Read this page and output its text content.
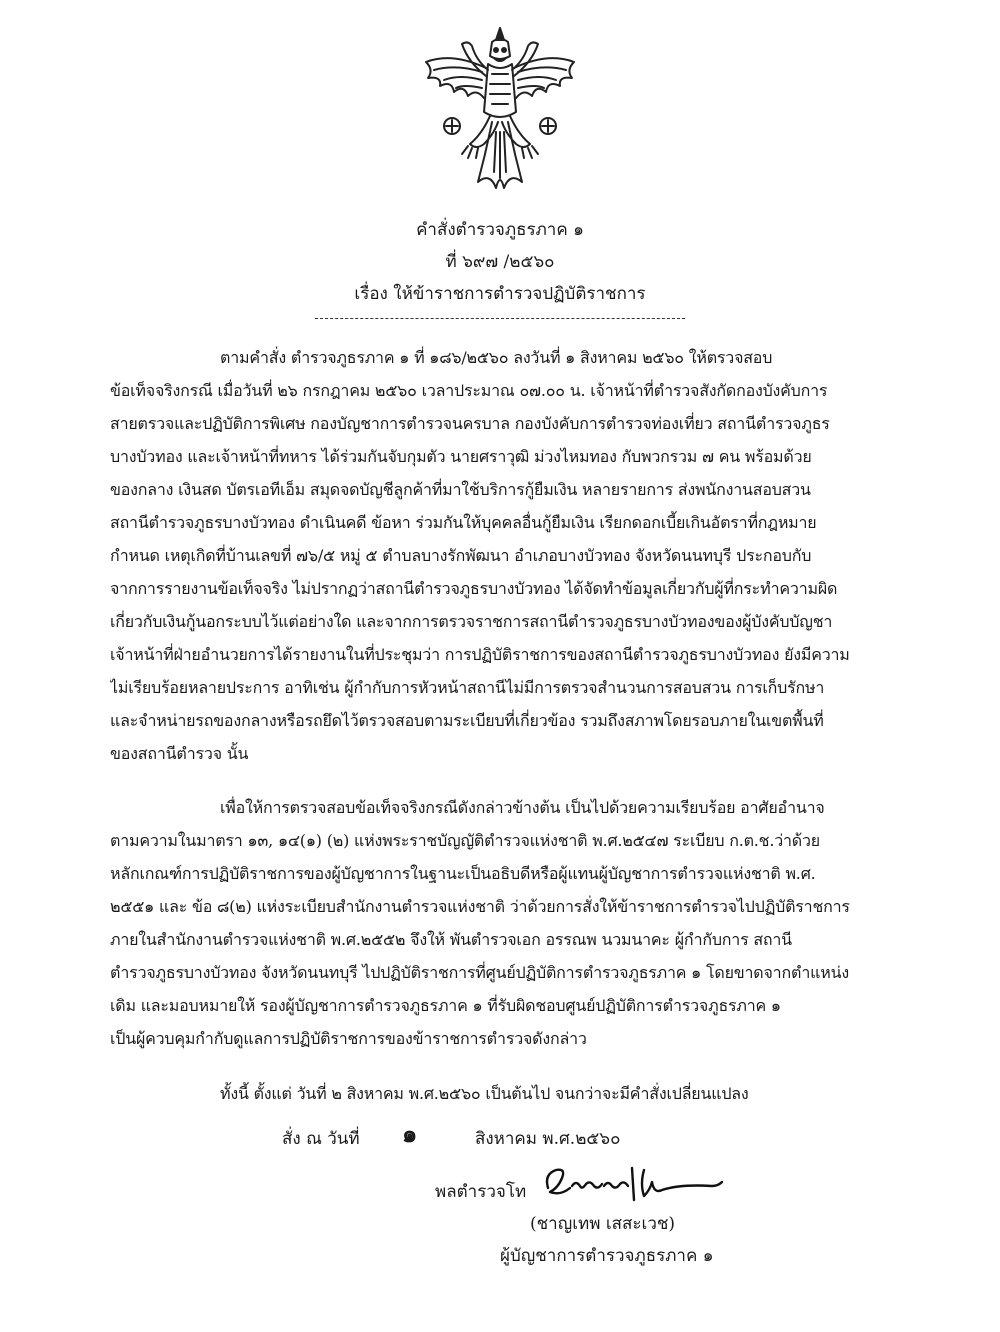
คำสั่งตำรวจภูธรภาค ๑
ที่ ๖๙๗ /๒๕๖๐
เรื่อง ให้ข้าราชการตำรวจปฏิบัติราชการ
ตามคำสั่ง ตำรวจภูธรภาค ๑ ที่ ๑๘๖/๒๕๖๐ ลงวันที่ ๑ สิงหาคม ๒๕๖๐ ให้ตรวจสอบ
ข้อเท็จจริงกรณี เมื่อวันที่ ๒๖ กรกฎาคม ๒๕๖๐ เวลาประมาณ ๐๗.๐๐ น. เจ้าหน้าที่ตำรวจสังกัดกองบังคับการ
สายตรวจและปฏิบัติการพิเศษ กองบัญชาการตำรวจนครบาล กองบังคับการตำรวจท่องเที่ยว สถานีตำรวจภูธร
บางบัวทอง และเจ้าหน้าที่ทหาร ได้ร่วมกันจับกุมตัว นายศราวุฒิ ม่วงไหมทอง กับพวกรวม ๗ คน พร้อมด้วย
ของกลาง เงินสด บัตรเอทีเอ็ม สมุดจดบัญชีลูกค้าที่มาใช้บริการกู้ยืมเงิน หลายรายการ ส่งพนักงานสอบสวน
สถานีตำรวจภูธรบางบัวทอง ดำเนินคดี ข้อหา ร่วมกันให้บุคคลอื่นกู้ยืมเงิน เรียกดอกเบี้ยเกินอัตราที่กฎหมาย
กำหนด เหตุเกิดที่บ้านเลขที่ ๗๖/๕ หมู่ ๕ ตำบลบางรักพัฒนา อำเภอบางบัวทอง จังหวัดนนทบุรี ประกอบกับ
จากการรายงานข้อเท็จจริง ไม่ปรากฏว่าสถานีตำรวจภูธรบางบัวทอง ได้จัดทำข้อมูลเกี่ยวกับผู้ที่กระทำความผิด
เกี่ยวกับเงินกู้นอกระบบไว้แต่อย่างใด และจากการตรวจราชการสถานีตำรวจภูธรบางบัวทองของผู้บังคับบัญชา
เจ้าหน้าที่ฝ่ายอำนวยการได้รายงานในที่ประชุมว่า การปฏิบัติราชการของสถานีตำรวจภูธรบางบัวทอง ยังมีความ
ไม่เรียบร้อยหลายประการ อาทิเช่น ผู้กำกับการหัวหน้าสถานีไม่มีการตรวจสำนวนการสอบสวน การเก็บรักษา
และจำหน่ายรถของกลางหรือรถยึดไว้ตรวจสอบตามระเบียบที่เกี่ยวข้อง รวมถึงสภาพโดยรอบภายในเขตพื้นที่
ของสถานีตำรวจ นั้น
เพื่อให้การตรวจสอบข้อเท็จจริงกรณีดังกล่าวข้างต้น เป็นไปด้วยความเรียบร้อย อาศัยอำนาจ
ตามความในมาตรา ๑๓, ๑๔(๑) (๒) แห่งพระราชบัญญัติตำรวจแห่งชาติ พ.ศ.๒๕๔๗ ระเบียบ ก.ต.ช.ว่าด้วย
หลักเกณฑ์การปฏิบัติราชการของผู้บัญชาการในฐานะเป็นอธิบดีหรือผู้แทนผู้บัญชาการตำรวจแห่งชาติ พ.ศ.
๒๕๕๑ และ ข้อ ๘(๒) แห่งระเบียบสำนักงานตำรวจแห่งชาติ ว่าด้วยการสั่งให้ข้าราชการตำรวจไปปฏิบัติราชการ
ภายในสำนักงานตำรวจแห่งชาติ พ.ศ.๒๕๕๒ จึงให้ พันตำรวจเอก อรรณพ นวมนาคะ ผู้กำกับการ สถานี
ตำรวจภูธรบางบัวทอง จังหวัดนนทบุรี ไปปฏิบัติราชการที่ศูนย์ปฏิบัติการตำรวจภูธรภาค ๑ โดยขาดจากตำแหน่ง
เดิม และมอบหมายให้ รองผู้บัญชาการตำรวจภูธรภาค ๑ ที่รับผิดชอบศูนย์ปฏิบัติการตำรวจภูธรภาค ๑
เป็นผู้ควบคุมกำกับดูแลการปฏิบัติราชการของข้าราชการตำรวจดังกล่าว
ทั้งนี้ ตั้งแต่ วันที่ ๒ สิงหาคม พ.ศ.๒๕๖๐ เป็นต้นไป จนกว่าจะมีคำสั่งเปลี่ยนแปลง
สั่ง ณ วันที่ ๑	สิงหาคม พ.ศ.๒๕๖๐
พลตำรวจโท
(ชาญเทพ เสสะเวช)
ผู้บัญชาการตำรวจภูธรภาค ๑
